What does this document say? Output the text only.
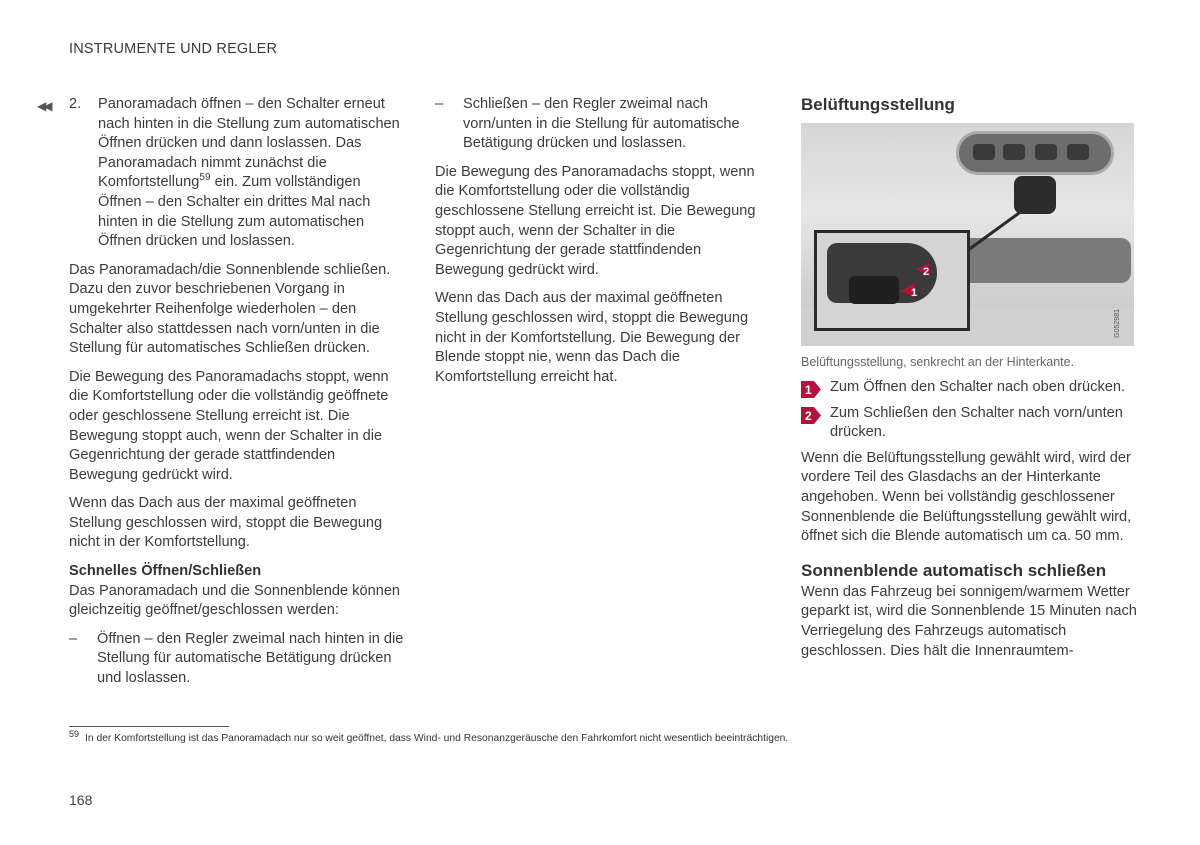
INSTRUMENTE UND REGLER
◀◀ 2. Panoramadach öffnen – den Schalter erneut nach hinten in die Stellung zum automatischen Öffnen drücken und dann loslassen. Das Panoramadach nimmt zunächst die Komfortstellung$^{59}$ ein. Zum vollständigen Öffnen – den Schalter ein drittes Mal nach hinten in die Stellung zum automatischen Öffnen drücken und loslassen.

Das Panoramadach/die Sonnenblende schließen. Dazu den zuvor beschriebenen Vorgang in umgekehrter Reihenfolge wiederholen – den Schalter also stattdessen nach vorn/unten in die Stellung für automatisches Schließen drücken.

Die Bewegung des Panoramadachs stoppt, wenn die Komfortstellung oder die vollständig geöffnete oder geschlossene Stellung erreicht ist. Die Bewegung stoppt auch, wenn der Schalter in die Gegenrichtung der gerade stattfindenden Bewegung gedrückt wird.

Wenn das Dach aus der maximal geöffneten Stellung geschlossen wird, stoppt die Bewegung nicht in der Komfortstellung.

Schnelles Öffnen/Schließen

Das Panoramadach und die Sonnenblende können gleichzeitig geöffnet/geschlossen werden:

– Öffnen – den Regler zweimal nach hinten in die Stellung für automatische Betätigung drücken und loslassen.
– Schließen – den Regler zweimal nach vorn/unten in die Stellung für automatische Betätigung drücken und loslassen.

Die Bewegung des Panoramadachs stoppt, wenn die Komfortstellung oder die vollständig geschlossene Stellung erreicht ist. Die Bewegung stoppt auch, wenn der Schalter in die Gegenrichtung der gerade stattfindenden Bewegung gedrückt wird.

Wenn das Dach aus der maximal geöffneten Stellung geschlossen wird, stoppt die Bewegung nicht in der Komfortstellung. Die Bewegung der Blende stoppt nie, wenn das Dach die Komfortstellung erreicht hat.

Belüftungsstellung
1
2
G052981
Belüftungsstellung, senkrecht an der Hinterkante.
1 Zum Öffnen den Schalter nach oben drücken.
2 Zum Schließen den Schalter nach vorn/unten drücken.

Wenn die Belüftungsstellung gewählt wird, wird der vordere Teil des Glasdachs an der Hinterkante angehoben. Wenn bei vollständig geschlossener Sonnenblende die Belüftungsstellung gewählt wird, öffnet sich die Blende automatisch um ca. 50 mm.

Sonnenblende automatisch schließen

Wenn das Fahrzeug bei sonnigem/warmem Wetter geparkt ist, wird die Sonnenblende 15 Minuten nach Verriegelung des Fahrzeugs automatisch geschlossen. Dies hält die Innenraumtem-

$^{59}$ In der Komfortstellung ist das Panoramadach nur so weit geöffnet, dass Wind- und Resonanzgeräusche den Fahrkomfort nicht wesentlich beeinträchtigen.
168
